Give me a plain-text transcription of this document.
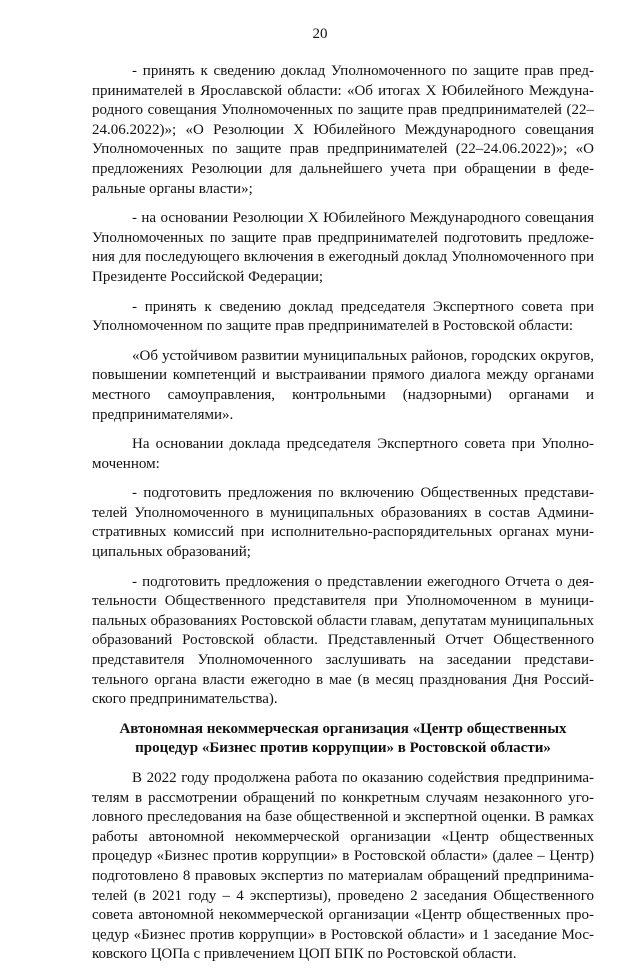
20

- принять к сведению доклад Уполномоченного по защите прав предпринимателей в Ярославской области: «Об итогах X Юбилейного Международного совещания Уполномоченных по защите прав предпринимателей (22–24.06.2022)»; «О Резолюции X Юбилейного Международного совещания Уполномоченных по защите прав предпринимателей (22–24.06.2022)»; «О предложениях Резолюции для дальнейшего учета при обращении в федеральные органы власти»;

- на основании Резолюции X Юбилейного Международного совещания Уполномоченных по защите прав предпринимателей подготовить предложения для последующего включения в ежегодный доклад Уполномоченного при Президенте Российской Федерации;

- принять к сведению доклад председателя Экспертного совета при Уполномоченном по защите прав предпринимателей в Ростовской области:

«Об устойчивом развитии муниципальных районов, городских округов, повышении компетенций и выстраивании прямого диалога между органами местного самоуправления, контрольными (надзорными) органами и предпринимателями».

На основании доклада председателя Экспертного совета при Уполномоченном:

- подготовить предложения по включению Общественных представителей Уполномоченного в муниципальных образованиях в состав Административных комиссий при исполнительно-распорядительных органах муниципальных образований;

- подготовить предложения о представлении ежегодного Отчета о деятельности Общественного представителя при Уполномоченном в муниципальных образованиях Ростовской области главам, депутатам муниципальных образований Ростовской области. Представленный Отчет Общественного представителя Уполномоченного заслушивать на заседании представительного органа власти ежегодно в мае (в месяц празднования Дня Российского предпринимательства).

Автономная некоммерческая организация «Центр общественных процедур «Бизнес против коррупции» в Ростовской области»

В 2022 году продолжена работа по оказанию содействия предпринимателям в рассмотрении обращений по конкретным случаям незаконного уголовного преследования на базе общественной и экспертной оценки. В рамках работы автономной некоммерческой организации «Центр общественных процедур «Бизнес против коррупции» в Ростовской области» (далее – Центр) подготовлено 8 правовых экспертиз по материалам обращений предпринимателей (в 2021 году – 4 экспертизы), проведено 2 заседания Общественного совета автономной некоммерческой организации «Центр общественных процедур «Бизнес против коррупции» в Ростовской области» и 1 заседание Московского ЦОПа с привлечением ЦОП БПК по Ростовской области.
